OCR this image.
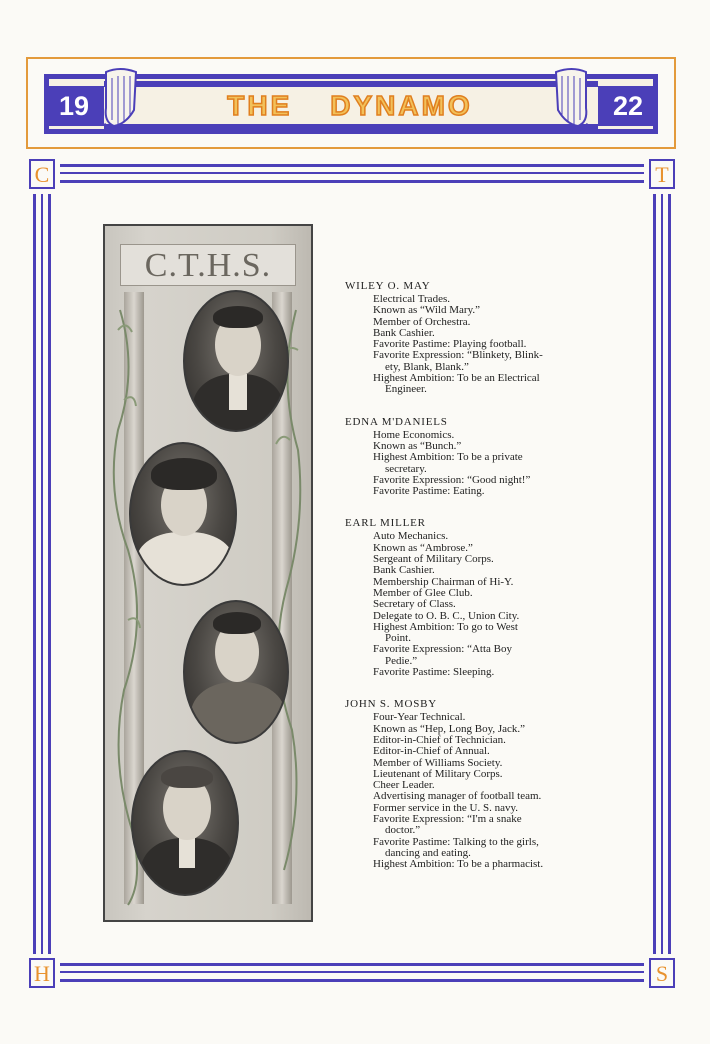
19	22
THE DYNAMO
C	T
H	S
C.T.H.S.
WILEY O. MAY
Electrical Trades.
Known as “Wild Mary.”
Member of Orchestra.
Bank Cashier.
Favorite Pastime: Playing football.
Favorite Expression: “Blinkety, Blink-
ety, Blank, Blank.”
Highest Ambition: To be an Electrical
Engineer.
EDNA M'DANIELS
Home Economics.
Known as “Bunch.”
Highest Ambition: To be a private
secretary.
Favorite Expression: “Good night!”
Favorite Pastime: Eating.
EARL MILLER
Auto Mechanics.
Known as “Ambrose.”
Sergeant of Military Corps.
Bank Cashier.
Membership Chairman of Hi-Y.
Member of Glee Club.
Secretary of Class.
Delegate to O. B. C., Union City.
Highest Ambition: To go to West
Point.
Favorite Expression: “Atta Boy
Pedie.”
Favorite Pastime: Sleeping.
JOHN S. MOSBY
Four-Year Technical.
Known as “Hep, Long Boy, Jack.”
Editor-in-Chief of Technician.
Editor-in-Chief of Annual.
Member of Williams Society.
Lieutenant of Military Corps.
Cheer Leader.
Advertising manager of football team.
Former service in the U. S. navy.
Favorite Expression: “I'm a snake
doctor.”
Favorite Pastime: Talking to the girls,
dancing and eating.
Highest Ambition: To be a pharmacist.
